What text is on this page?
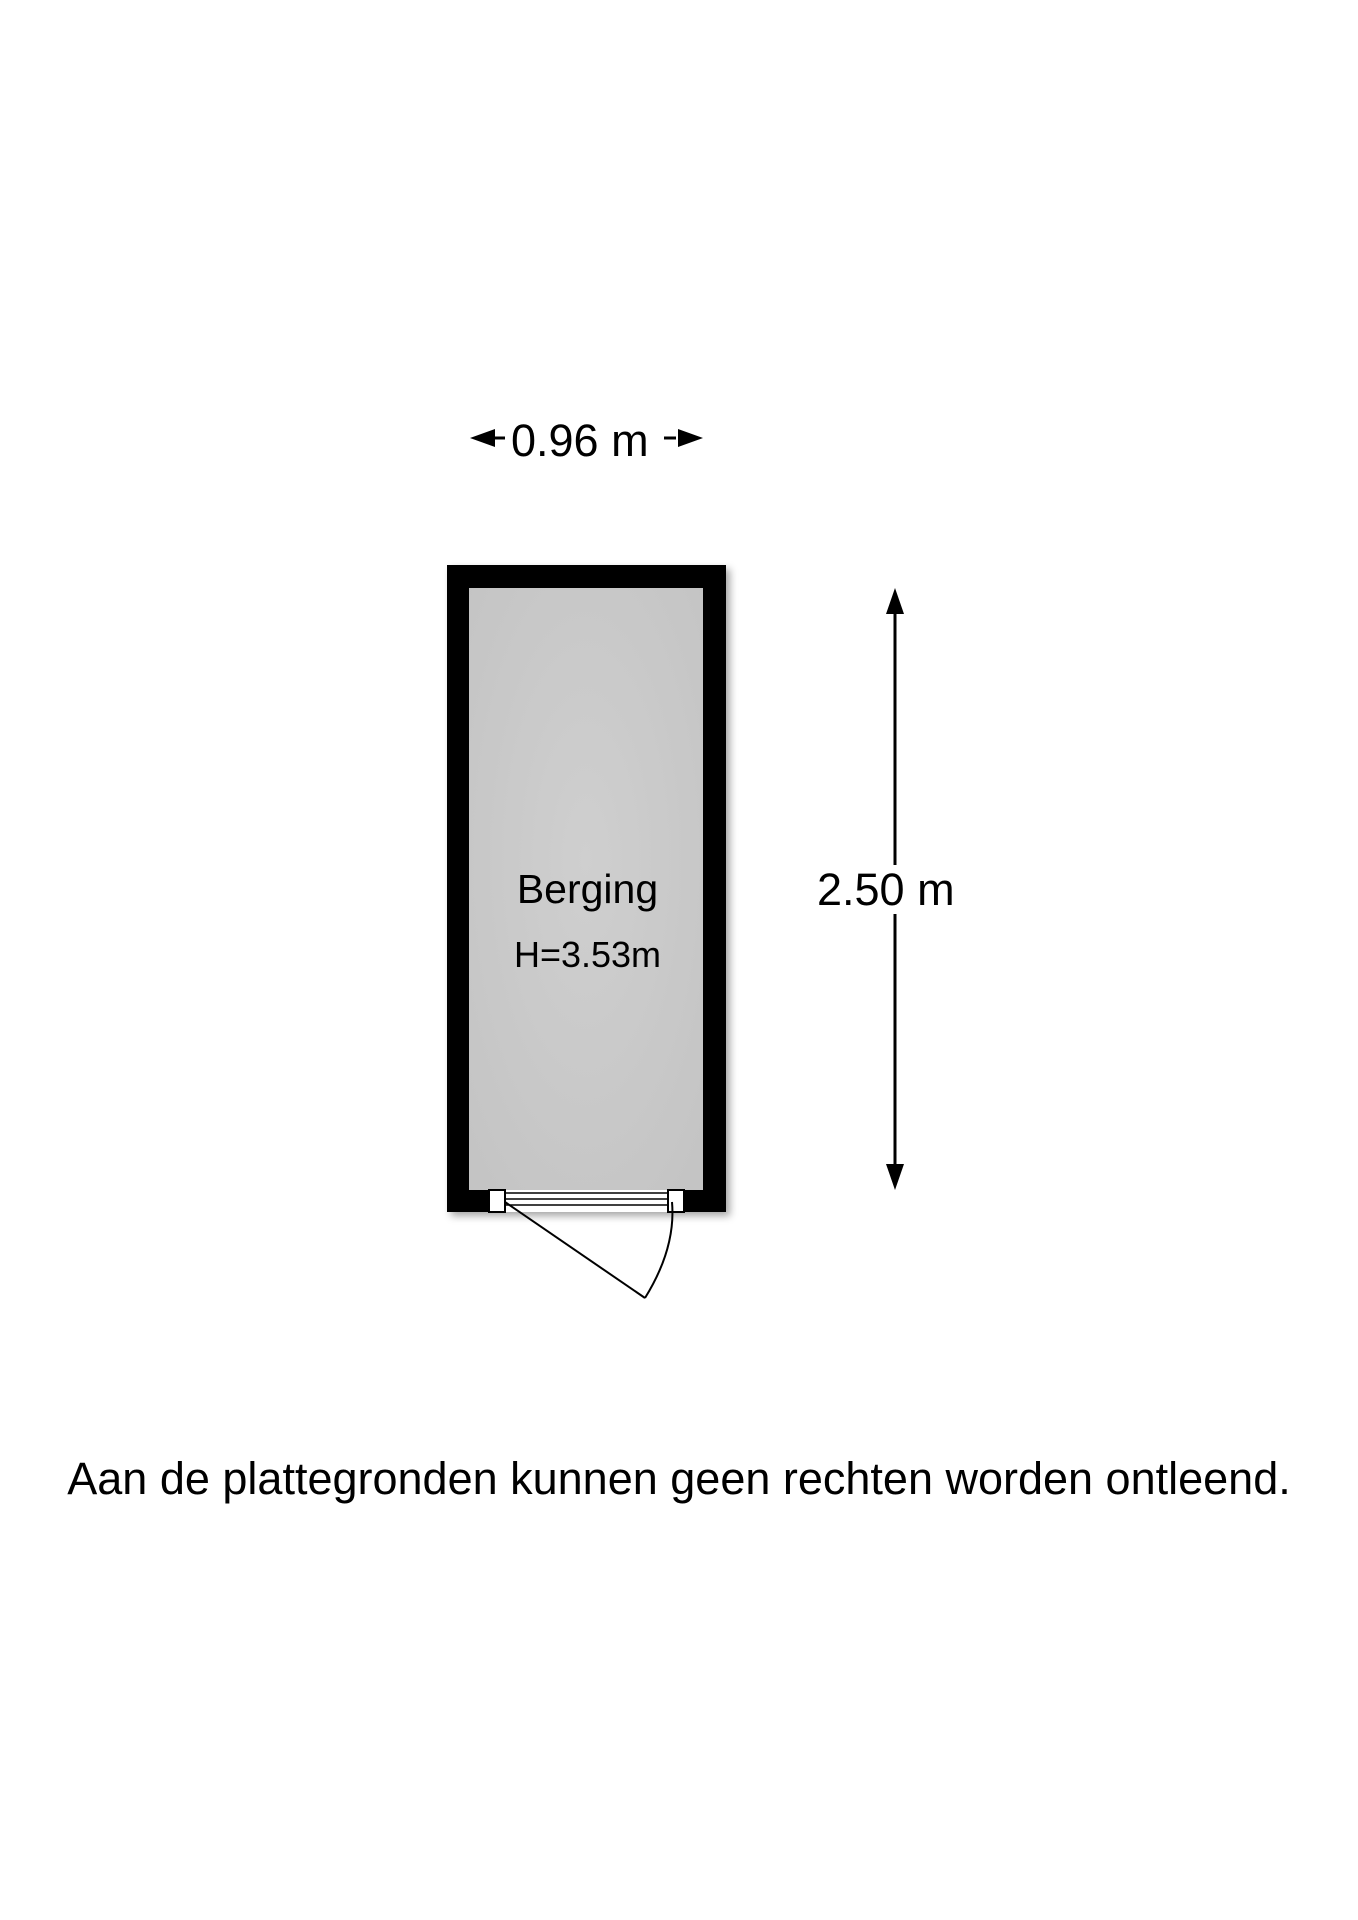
0.96 m
2.50 m
Berging
H=3.53m
Aan de plattegronden kunnen geen rechten worden ontleend.
